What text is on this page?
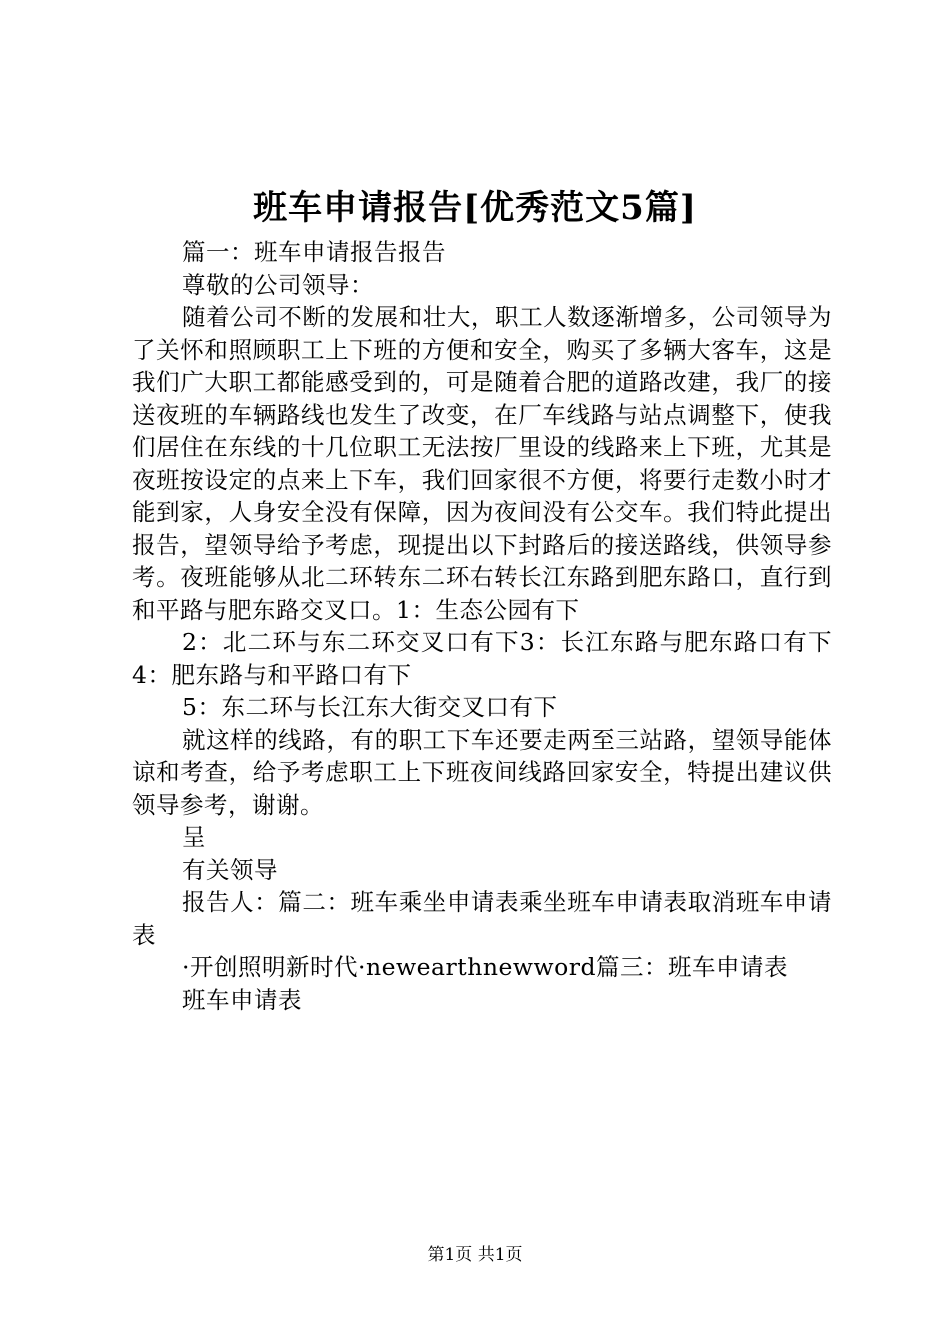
班车申请报告[优秀范文5篇]

篇一：班车申请报告报告

尊敬的公司领导：

随着公司不断的发展和壮大，职工人数逐渐增多，公司领导为了关怀和照顾职工上下班的方便和安全，购买了多辆大客车，这是我们广大职工都能感受到的，可是随着合肥的道路改建，我厂的接送夜班的车辆路线也发生了改变，在厂车线路与站点调整下，使我们居住在东线的十几位职工无法按厂里设的线路来上下班，尤其是夜班按设定的点来上下车，我们回家很不方便，将要行走数小时才能到家，人身安全没有保障，因为夜间没有公交车。我们特此提出报告，望领导给予考虑，现提出以下封路后的接送路线，供领导参考。夜班能够从北二环转东二环右转长江东路到肥东路口，直行到和平路与肥东路交叉口。1：生态公园有下

2：北二环与东二环交叉口有下3：长江东路与肥东路口有下4：肥东路与和平路口有下

5：东二环与长江东大街交叉口有下

就这样的线路，有的职工下车还要走两至三站路，望领导能体谅和考查，给予考虑职工上下班夜间线路回家安全，特提出建议供领导参考，谢谢。

呈

有关领导

报告人：篇二：班车乘坐申请表乘坐班车申请表取消班车申请表

·开创照明新时代·newearthnewword篇三：班车申请表

班车申请表

第1页 共1页
